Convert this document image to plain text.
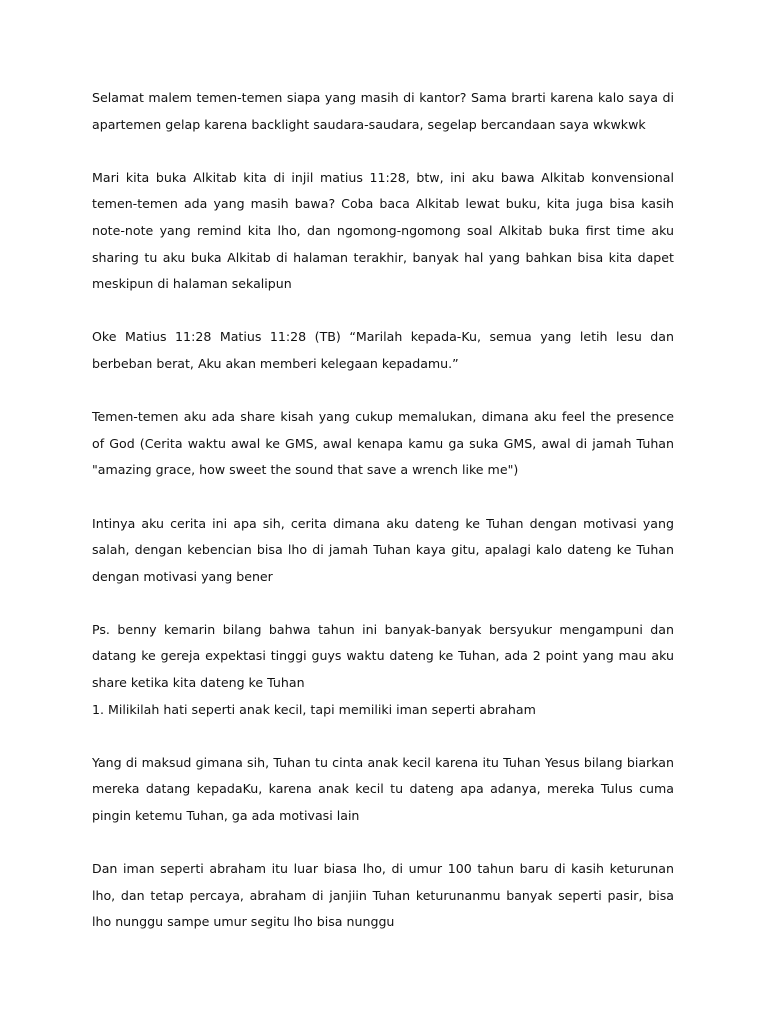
Selamat malem temen-temen siapa yang masih di kantor? Sama brarti karena kalo saya di apartemen gelap karena backlight saudara-saudara, segelap bercandaan saya wkwkwk

Mari kita buka Alkitab kita di injil matius 11:28, btw, ini aku bawa Alkitab konvensional temen-temen ada yang masih bawa? Coba baca Alkitab lewat buku, kita juga bisa kasih note-note yang remind kita lho, dan ngomong-ngomong soal Alkitab buka first time aku sharing tu aku buka Alkitab di halaman terakhir, banyak hal yang bahkan bisa kita dapet meskipun di halaman sekalipun

Oke Matius 11:28 Matius 11:28 (TB) “Marilah kepada-Ku, semua yang letih lesu dan berbeban berat, Aku akan memberi kelegaan kepadamu.”

Temen-temen aku ada share kisah yang cukup memalukan, dimana aku feel the presence of God (Cerita waktu awal ke GMS, awal kenapa kamu ga suka GMS, awal di jamah Tuhan "amazing grace, how sweet the sound that save a wrench like me")

Intinya aku cerita ini apa sih, cerita dimana aku dateng ke Tuhan dengan motivasi yang salah, dengan kebencian bisa lho di jamah Tuhan kaya gitu, apalagi kalo dateng ke Tuhan dengan motivasi yang bener

Ps. benny kemarin bilang bahwa tahun ini banyak-banyak bersyukur mengampuni dan datang ke gereja expektasi tinggi guys waktu dateng ke Tuhan, ada 2 point yang mau aku share ketika kita dateng ke Tuhan

1. Milikilah hati seperti anak kecil, tapi memiliki iman seperti abraham

Yang di maksud gimana sih, Tuhan tu cinta anak kecil karena itu Tuhan Yesus bilang biarkan mereka datang kepadaKu, karena anak kecil tu dateng apa adanya, mereka Tulus cuma pingin ketemu Tuhan, ga ada motivasi lain

Dan iman seperti abraham itu luar biasa lho, di umur 100 tahun baru di kasih keturunan lho, dan tetap percaya, abraham di janjiin Tuhan keturunanmu banyak seperti pasir, bisa lho nunggu sampe umur segitu lho bisa nunggu
